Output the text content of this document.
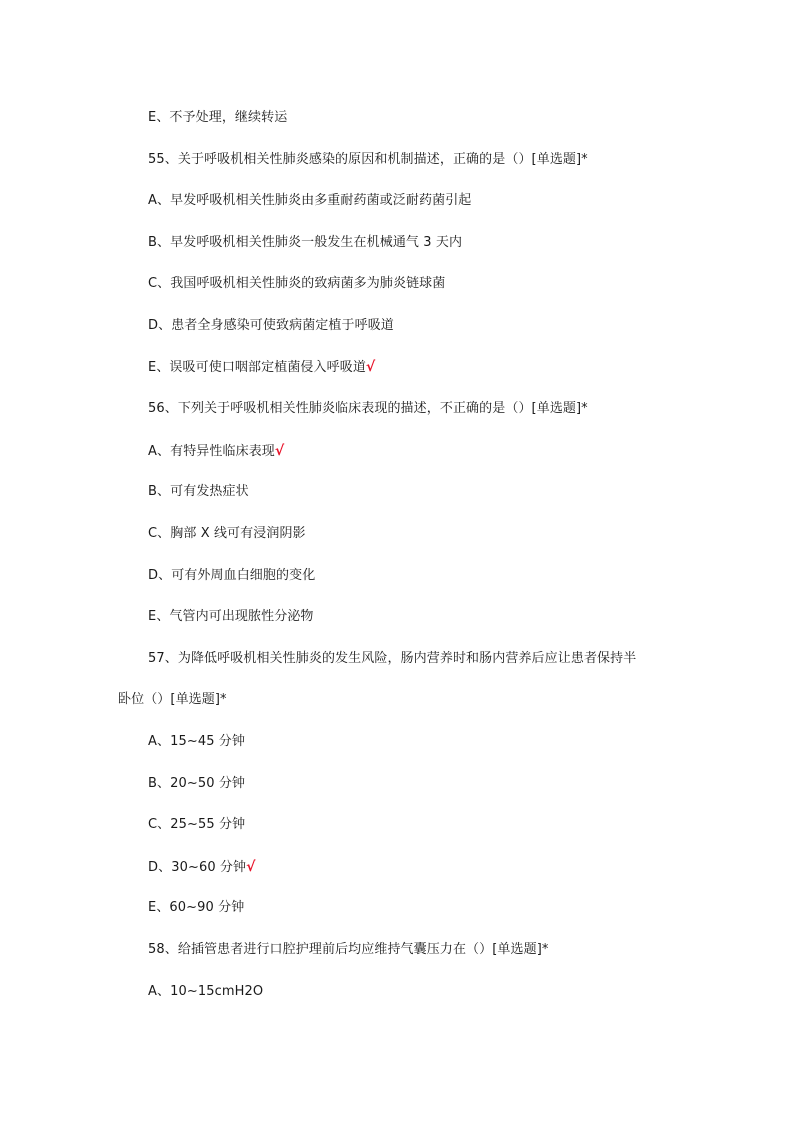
E、不予处理，继续转运
55、关于呼吸机相关性肺炎感染的原因和机制描述，正确的是（）[单选题]*
A、早发呼吸机相关性肺炎由多重耐药菌或泛耐药菌引起
B、早发呼吸机相关性肺炎一般发生在机械通气 3 天内
C、我国呼吸机相关性肺炎的致病菌多为肺炎链球菌
D、患者全身感染可使致病菌定植于呼吸道
E、误吸可使口咽部定植菌侵入呼吸道√
56、下列关于呼吸机相关性肺炎临床表现的描述，不正确的是（）[单选题]*
A、有特异性临床表现√
B、可有发热症状
C、胸部 X 线可有浸润阴影
D、可有外周血白细胞的变化
E、气管内可出现脓性分泌物
57、为降低呼吸机相关性肺炎的发生风险，肠内营养时和肠内营养后应让患者保持半
卧位（）[单选题]*
A、15~45 分钟
B、20~50 分钟
C、25~55 分钟
D、30~60 分钟√
E、60~90 分钟
58、给插管患者进行口腔护理前后均应维持气囊压力在（）[单选题]*
A、10~15cmH2O
